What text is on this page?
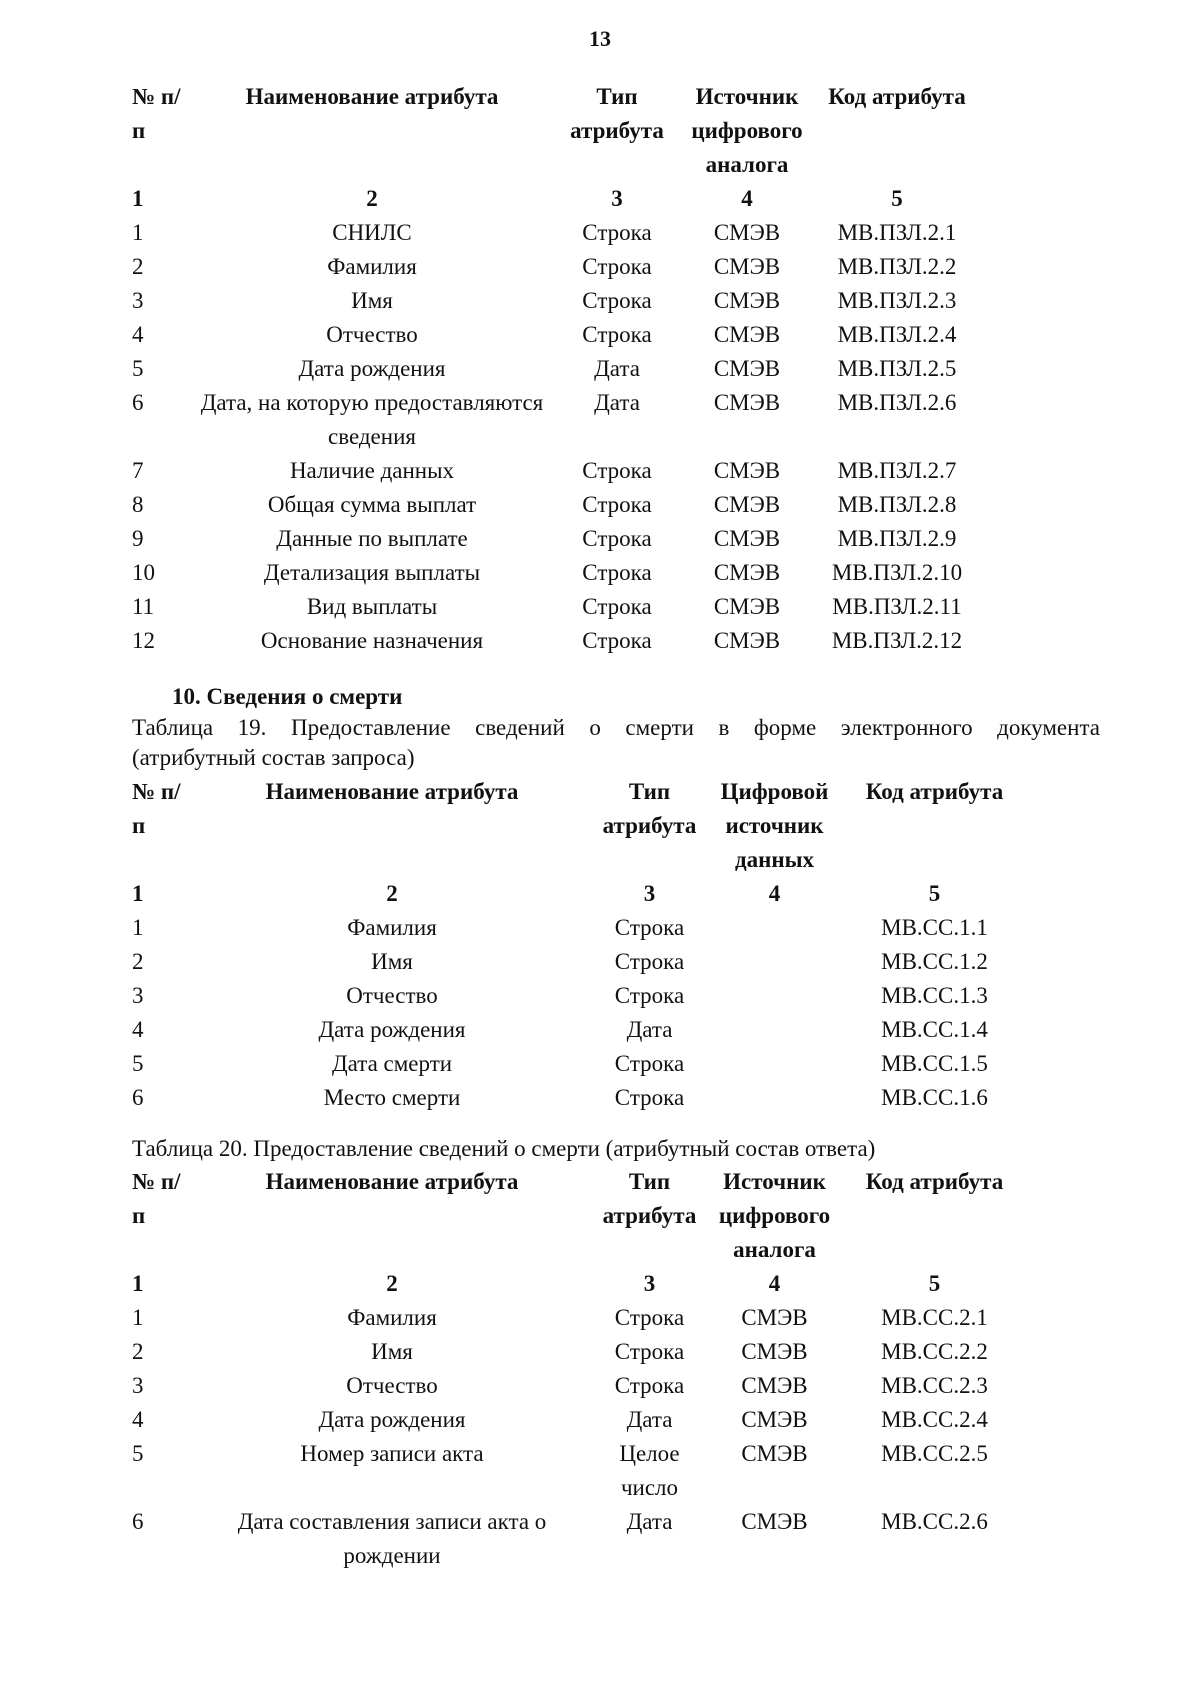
13
№ п/п	Наименование атрибута	Тип атрибута	Источник цифрового аналога	Код атрибута
1	2	3	4	5
1	СНИЛС	Строка	СМЭВ	МВ.ПЗЛ.2.1
2	Фамилия	Строка	СМЭВ	МВ.ПЗЛ.2.2
3	Имя	Строка	СМЭВ	МВ.ПЗЛ.2.3
4	Отчество	Строка	СМЭВ	МВ.ПЗЛ.2.4
5	Дата рождения	Дата	СМЭВ	МВ.ПЗЛ.2.5
6	Дата, на которую предоставляются сведения	Дата	СМЭВ	МВ.ПЗЛ.2.6
7	Наличие данных	Строка	СМЭВ	МВ.ПЗЛ.2.7
8	Общая сумма выплат	Строка	СМЭВ	МВ.ПЗЛ.2.8
9	Данные по выплате	Строка	СМЭВ	МВ.ПЗЛ.2.9
10	Детализация выплаты	Строка	СМЭВ	МВ.ПЗЛ.2.10
11	Вид выплаты	Строка	СМЭВ	МВ.ПЗЛ.2.11
12	Основание назначения	Строка	СМЭВ	МВ.ПЗЛ.2.12
10. Сведения о смерти
Таблица 19. Предоставление сведений о смерти в форме электронного документа
(атрибутный состав запроса)
№ п/п	Наименование атрибута	Тип атрибута	Цифровой источник данных	Код атрибута
1	2	3	4	5
1	Фамилия	Строка		МВ.СС.1.1
2	Имя	Строка		МВ.СС.1.2
3	Отчество	Строка		МВ.СС.1.3
4	Дата рождения	Дата		МВ.СС.1.4
5	Дата смерти	Строка		МВ.СС.1.5
6	Место смерти	Строка		МВ.СС.1.6
Таблица 20. Предоставление сведений о смерти (атрибутный состав ответа)
№ п/п	Наименование атрибута	Тип атрибута	Источник цифрового аналога	Код атрибута
1	2	3	4	5
1	Фамилия	Строка	СМЭВ	МВ.СС.2.1
2	Имя	Строка	СМЭВ	МВ.СС.2.2
3	Отчество	Строка	СМЭВ	МВ.СС.2.3
4	Дата рождения	Дата	СМЭВ	МВ.СС.2.4
5	Номер записи акта	Целое число	СМЭВ	МВ.СС.2.5
6	Дата составления записи акта о рождении	Дата	СМЭВ	МВ.СС.2.6
